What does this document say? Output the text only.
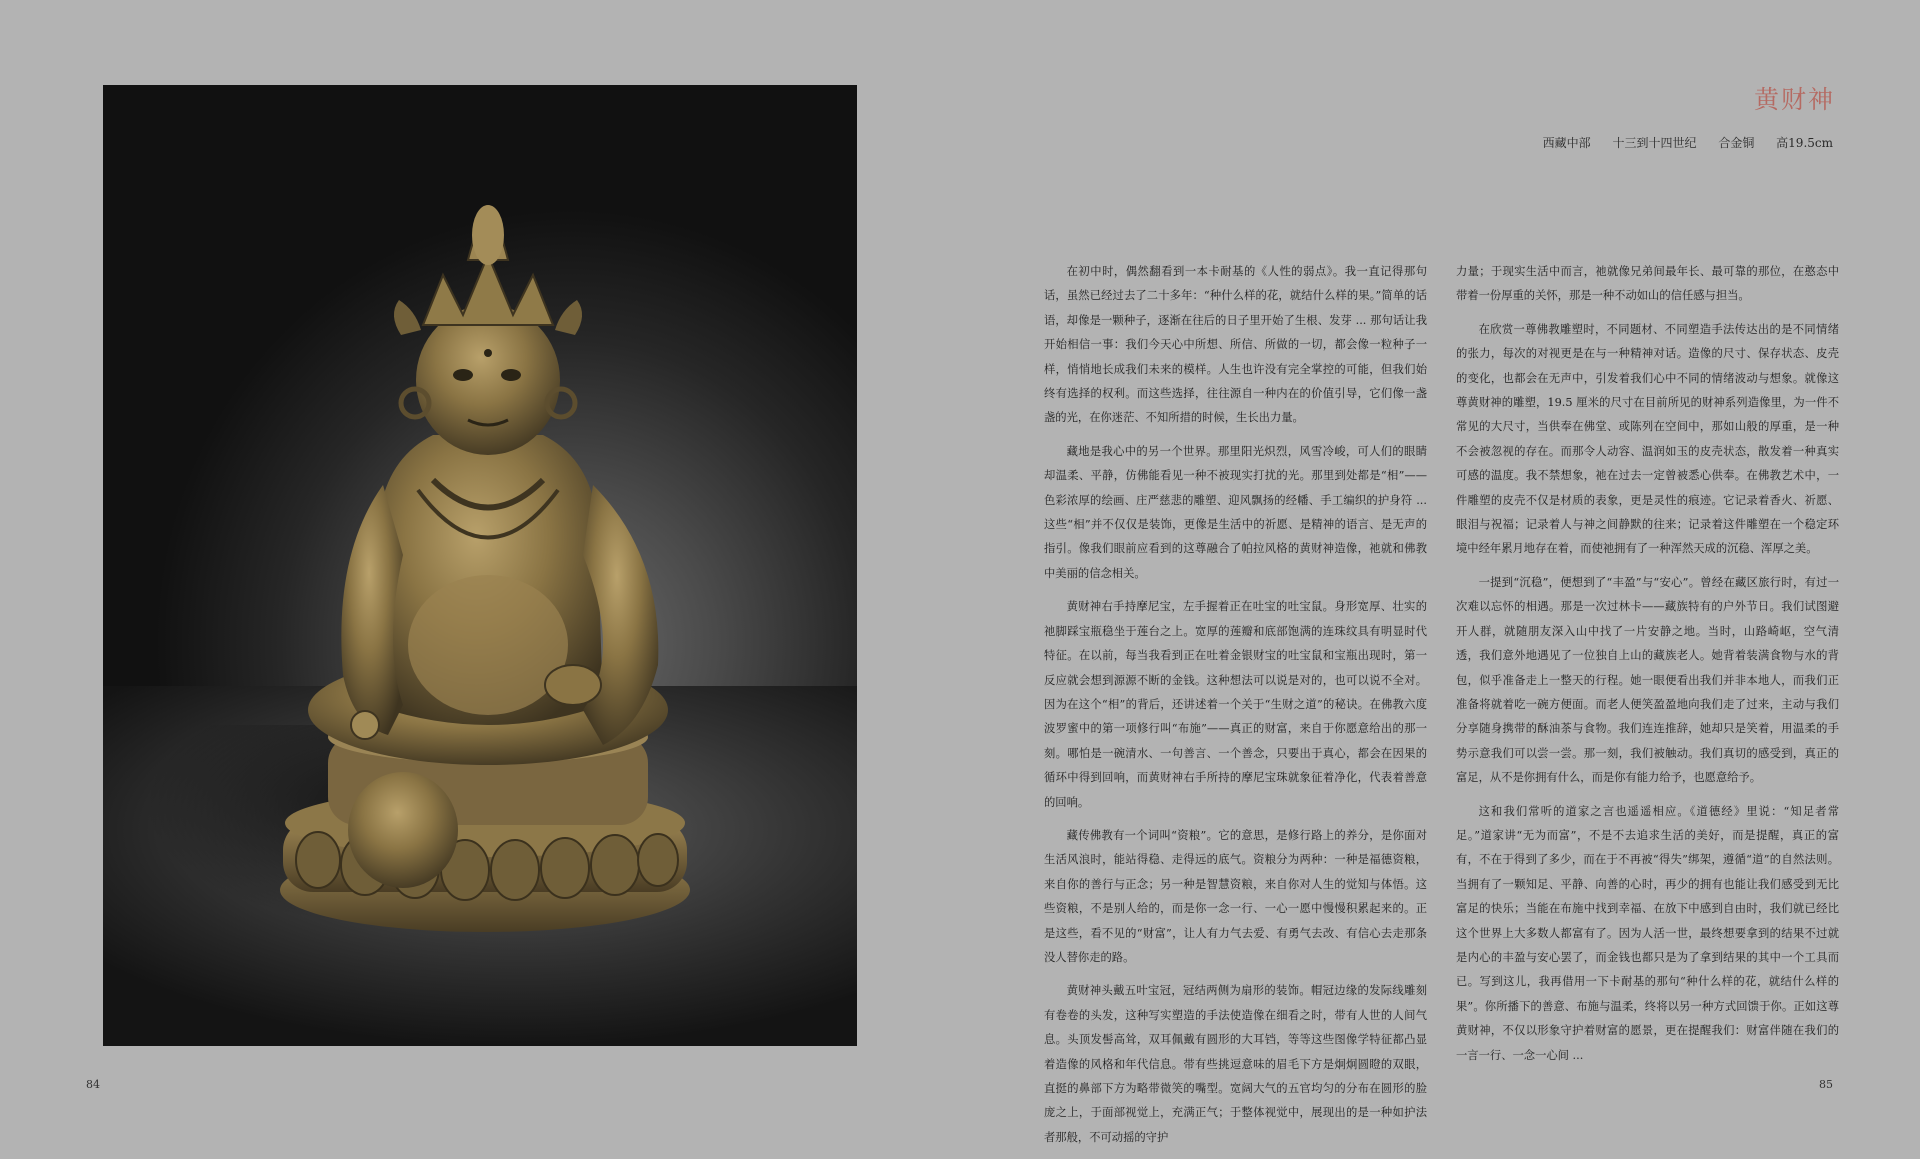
黄财神
西藏中部 十三到十四世纪 合金铜 高19.5cm

在初中时，偶然翻看到一本卡耐基的《人性的弱点》。我一直记得那句话，虽然已经过去了二十多年：“种什么样的花，就结什么样的果。”简单的话语，却像是一颗种子，逐渐在往后的日子里开始了生根、发芽 ... 那句话让我开始相信一事：我们今天心中所想、所信、所做的一切，都会像一粒种子一样，悄悄地长成我们未来的模样。人生也许没有完全掌控的可能，但我们始终有选择的权利。而这些选择，往往源自一种内在的价值引导，它们像一盏盏的光，在你迷茫、不知所措的时候，生长出力量。

藏地是我心中的另一个世界。那里阳光炽烈，风雪冷峻，可人们的眼睛却温柔、平静，仿佛能看见一种不被现实打扰的光。那里到处都是“相”—— 色彩浓厚的绘画、庄严慈悲的雕塑、迎风飘扬的经幡、手工编织的护身符 ... 这些“相”并不仅仅是装饰，更像是生活中的祈愿、是精神的语言、是无声的指引。像我们眼前应看到的这尊融合了帕拉风格的黄财神造像，祂就和佛教中美丽的信念相关。

黄财神右手持摩尼宝，左手握着正在吐宝的吐宝鼠。身形宽厚、壮实的祂脚踩宝瓶稳坐于莲台之上。宽厚的莲瓣和底部饱满的连珠纹具有明显时代特征。在以前，每当我看到正在吐着金银财宝的吐宝鼠和宝瓶出现时，第一反应就会想到源源不断的金钱。这种想法可以说是对的，也可以说不全对。因为在这个“相”的背后，还讲述着一个关于“生财之道”的秘诀。在佛教六度波罗蜜中的第一项修行叫“布施”——真正的财富，来自于你愿意给出的那一刻。哪怕是一碗清水、一句善言、一个善念，只要出于真心，都会在因果的循环中得到回响，而黄财神右手所持的摩尼宝珠就象征着净化，代表着善意的回响。

藏传佛教有一个词叫“资粮”。它的意思，是修行路上的养分，是你面对生活风浪时，能站得稳、走得远的底气。资粮分为两种：一种是福德资粮，来自你的善行与正念；另一种是智慧资粮，来自你对人生的觉知与体悟。这些资粮，不是别人给的，而是你一念一行、一心一愿中慢慢积累起来的。正是这些，看不见的“财富”，让人有力气去爱、有勇气去改、有信心去走那条没人替你走的路。

黄财神头戴五叶宝冠，冠结两侧为扇形的装饰。帽冠边缘的发际线雕刻有卷卷的头发，这种写实塑造的手法使造像在细看之时，带有人世的人间气息。头顶发髻高耸，双耳佩戴有圆形的大耳铛，等等这些图像学特征都凸显着造像的风格和年代信息。带有些挑逗意味的眉毛下方是炯炯圆瞪的双眼，直挺的鼻部下方为略带微笑的嘴型。宽阔大气的五官均匀的分布在圆形的脸庞之上，于面部视觉上，充满正气；于整体视觉中，展现出的是一种如护法者那般，不可动摇的守护

力量；于现实生活中而言，祂就像兄弟间最年长、最可靠的那位，在憨态中带着一份厚重的关怀，那是一种不动如山的信任感与担当。

在欣赏一尊佛教雕塑时，不同题材、不同塑造手法传达出的是不同情绪的张力，每次的对视更是在与一种精神对话。造像的尺寸、保存状态、皮壳的变化，也都会在无声中，引发着我们心中不同的情绪波动与想象。就像这尊黄财神的雕塑，19.5 厘米的尺寸在目前所见的财神系列造像里，为一件不常见的大尺寸，当供奉在佛堂、或陈列在空间中，那如山般的厚重，是一种不会被忽视的存在。而那令人动容、温润如玉的皮壳状态，散发着一种真实可感的温度。我不禁想象，祂在过去一定曾被悉心供奉。在佛教艺术中，一件雕塑的皮壳不仅是材质的表象，更是灵性的痕迹。它记录着香火、祈愿、眼泪与祝福；记录着人与神之间静默的往来；记录着这件雕塑在一个稳定环境中经年累月地存在着，而使祂拥有了一种浑然天成的沉稳、浑厚之美。

一提到“沉稳”，便想到了“丰盈”与“安心”。曾经在藏区旅行时，有过一次难以忘怀的相遇。那是一次过林卡——藏族特有的户外节日。我们试图避开人群，就随朋友深入山中找了一片安静之地。当时，山路崎岖，空气清透，我们意外地遇见了一位独自上山的藏族老人。她背着装满食物与水的背包，似乎准备走上一整天的行程。她一眼便看出我们并非本地人，而我们正准备将就着吃一碗方便面。而老人便笑盈盈地向我们走了过来，主动与我们分享随身携带的酥油茶与食物。我们连连推辞，她却只是笑着，用温柔的手势示意我们可以尝一尝。那一刻，我们被触动。我们真切的感受到，真正的富足，从不是你拥有什么，而是你有能力给予，也愿意给予。

这和我们常听的道家之言也遥遥相应。《道德经》里说：“知足者常足。”道家讲“无为而富”，不是不去追求生活的美好，而是提醒，真正的富有，不在于得到了多少，而在于不再被“得失”绑架，遵循“道”的自然法则。当拥有了一颗知足、平静、向善的心时，再少的拥有也能让我们感受到无比富足的快乐；当能在布施中找到幸福、在放下中感到自由时，我们就已经比这个世界上大多数人都富有了。因为人活一世，最终想要拿到的结果不过就是内心的丰盈与安心罢了，而金钱也都只是为了拿到结果的其中一个工具而已。写到这儿，我再借用一下卡耐基的那句“种什么样的花，就结什么样的果”。你所播下的善意、布施与温柔，终将以另一种方式回馈于你。正如这尊黄财神，不仅以形象守护着财富的愿景，更在提醒我们：财富伴随在我们的一言一行、一念一心间 ...

84	85
